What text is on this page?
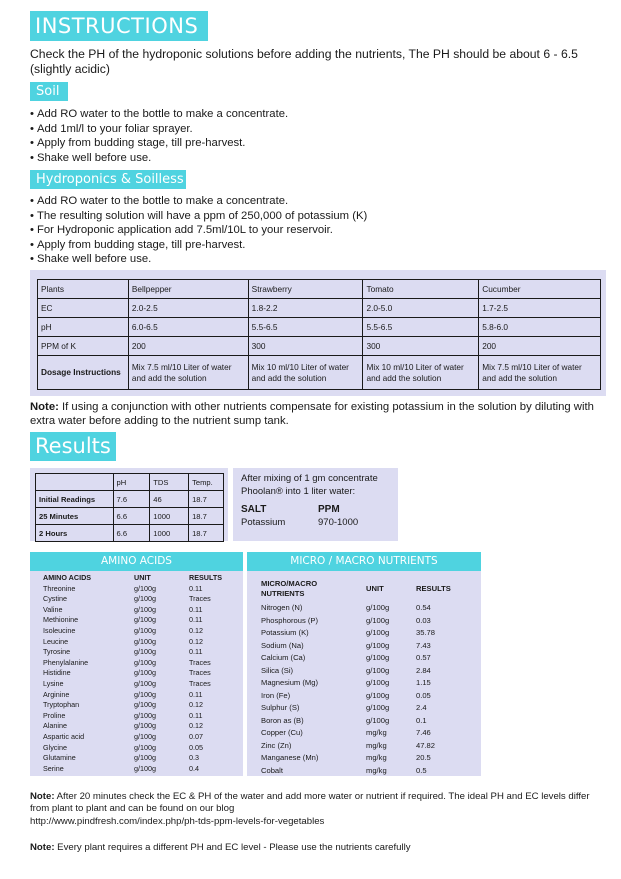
INSTRUCTIONS
Check the PH of the hydroponic solutions before adding the nutrients, The PH should be about 6 - 6.5 (slightly acidic)
Soil
• Add RO water to the bottle to make a concentrate.
• Add 1ml/l to your foliar sprayer.
• Apply from budding stage, till pre-harvest.
• Shake well before use.
Hydroponics & Soilless
• Add RO water to the bottle to make a concentrate.
• The resulting solution will have a ppm of 250,000 of potassium (K)
• For Hydroponic application add 7.5ml/10L to your reservoir.
• Apply from budding stage, till pre-harvest.
• Shake well before use.
Plants	Bellpepper	Strawberry	Tomato	Cucumber
EC	2.0-2.5	1.8-2.2	2.0-5.0	1.7-2.5
pH	6.0-6.5	5.5-6.5	5.5-6.5	5.8-6.0
PPM of K	200	300	300	200
Dosage Instructions	Mix 7.5 ml/10 Liter of water and add the solution	Mix 10 ml/10 Liter of water and add the solution	Mix 10 ml/10 Liter of water and add the solution	Mix 7.5 ml/10 Liter of water and add the solution
Note: If using a conjunction with other nutrients compensate for existing potassium in the solution by diluting with extra water before adding to the nutrient sump tank.
Results
	pH	TDS	Temp.
Initial Readings	7.6	46	18.7
25 Minutes	6.6	1000	18.7
2 Hours	6.6	1000	18.7
After mixing of 1 gm concentrate Phoolan® into 1 liter water:
SALT	PPM
Potassium	970-1000
AMINO ACIDS
AMINO ACIDS	UNIT	RESULTS
Threonine	g/100g	0.11
Cystine	g/100g	Traces
Valine	g/100g	0.11
Methionine	g/100g	0.11
Isoleucine	g/100g	0.12
Leucine	g/100g	0.12
Tyrosine	g/100g	0.11
Phenylalanine	g/100g	Traces
Histidine	g/100g	Traces
Lysine	g/100g	Traces
Arginine	g/100g	0.11
Tryptophan	g/100g	0.12
Proline	g/100g	0.11
Alanine	g/100g	0.12
Aspartic acid	g/100g	0.07
Glycine	g/100g	0.05
Glutamine	g/100g	0.3
Serine	g/100g	0.4
MICRO / MACRO NUTRIENTS
MICRO/MACRO NUTRIENTS	UNIT	RESULTS
Nitrogen (N)	g/100g	0.54
Phosphorous (P)	g/100g	0.03
Potassium (K)	g/100g	35.78
Sodium (Na)	g/100g	7.43
Calcium (Ca)	g/100g	0.57
Silica (Si)	g/100g	2.84
Magnesium (Mg)	g/100g	1.15
Iron (Fe)	g/100g	0.05
Sulphur (S)	g/100g	2.4
Boron as (B)	g/100g	0.1
Copper (Cu)	mg/kg	7.46
Zinc (Zn)	mg/kg	47.82
Manganese (Mn)	mg/kg	20.5
Cobalt	mg/kg	0.5
Note: After 20 minutes check the EC & PH of the water and add more water or nutrient if required. The ideal PH and EC levels differ from plant to plant and can be found on our blog
http://www.pindfresh.com/index.php/ph-tds-ppm-levels-for-vegetables
Note: Every plant requires a different PH and EC level - Please use the nutrients carefully
